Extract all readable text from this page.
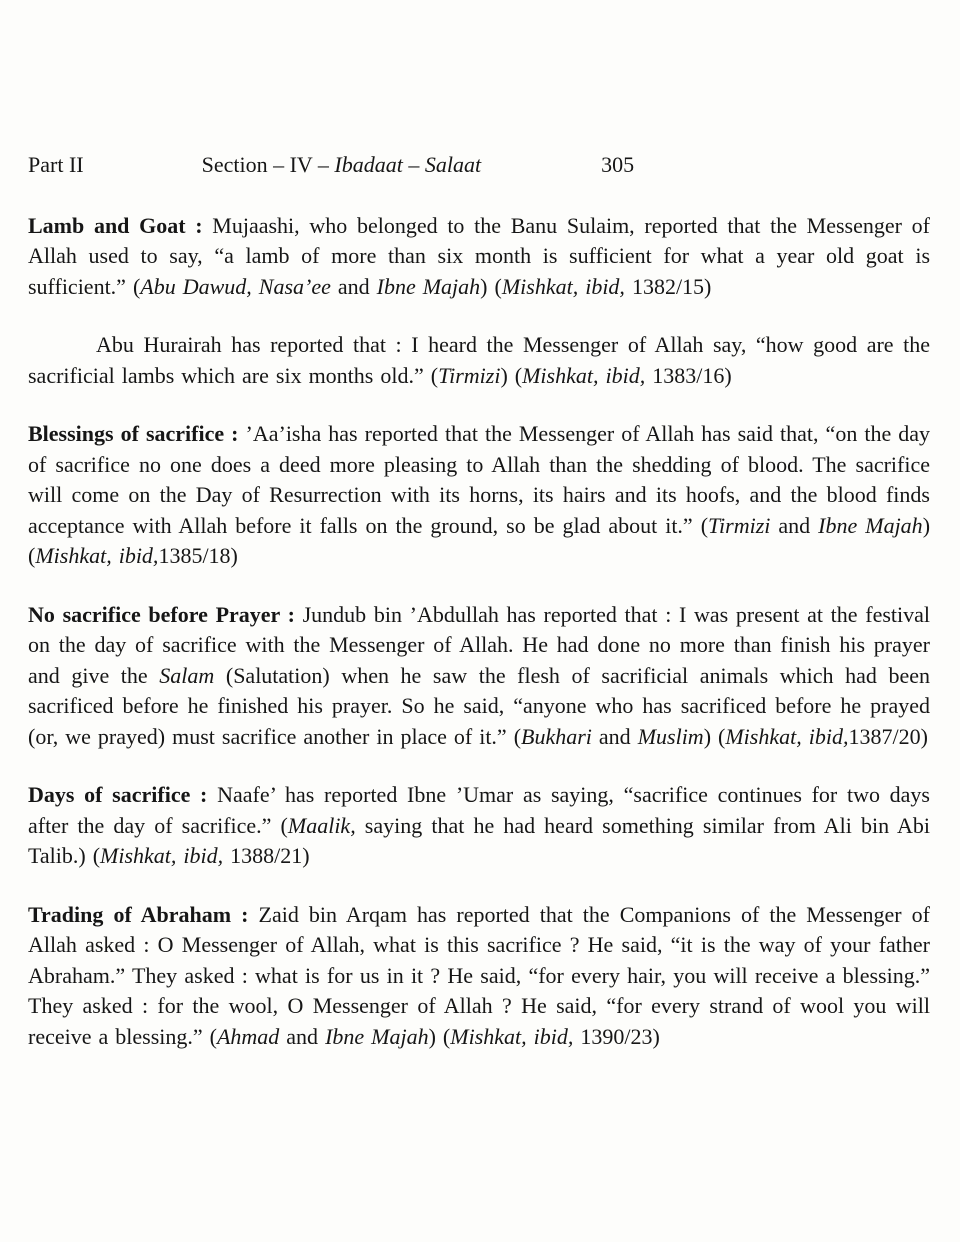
Part II	Section – IV – Ibadaat – Salaat	305

Lamb and Goat : Mujaashi, who belonged to the Banu Sulaim, reported that the Messenger of Allah used to say, “a lamb of more than six month is sufficient for what a year old goat is sufficient.” (Abu Dawud, Nasa’ee and Ibne Majah) (Mishkat, ibid, 1382/15)

Abu Hurairah has reported that : I heard the Messenger of Allah say, “how good are the sacrificial lambs which are six months old.” (Tirmizi) (Mishkat, ibid, 1383/16)

Blessings of sacrifice : ’Aa’isha has reported that the Messenger of Allah has said that, “on the day of sacrifice no one does a deed more pleasing to Allah than the shedding of blood. The sacrifice will come on the Day of Resurrection with its horns, its hairs and its hoofs, and the blood finds acceptance with Allah before it falls on the ground, so be glad about it.” (Tirmizi and Ibne Majah) (Mishkat, ibid,1385/18)

No sacrifice before Prayer : Jundub bin ’Abdullah has reported that : I was present at the festival on the day of sacrifice with the Messenger of Allah. He had done no more than finish his prayer and give the Salam (Salutation) when he saw the flesh of sacrificial animals which had been sacrificed before he finished his prayer. So he said, “anyone who has sacrificed before he prayed (or, we prayed) must sacrifice another in place of it.” (Bukhari and Muslim) (Mishkat, ibid,1387/20)

Days of sacrifice : Naafe’ has reported Ibne ’Umar as saying, “sacrifice continues for two days after the day of sacrifice.” (Maalik, saying that he had heard something similar from Ali bin Abi Talib.) (Mishkat, ibid, 1388/21)

Trading of Abraham : Zaid bin Arqam has reported that the Companions of the Messenger of Allah asked : O Messenger of Allah, what is this sacrifice ? He said, “it is the way of your father Abraham.” They asked : what is for us in it ? He said, “for every hair, you will receive a blessing.” They asked : for the wool, O Messenger of Allah ? He said, “for every strand of wool you will receive a blessing.” (Ahmad and Ibne Majah) (Mishkat, ibid, 1390/23)
